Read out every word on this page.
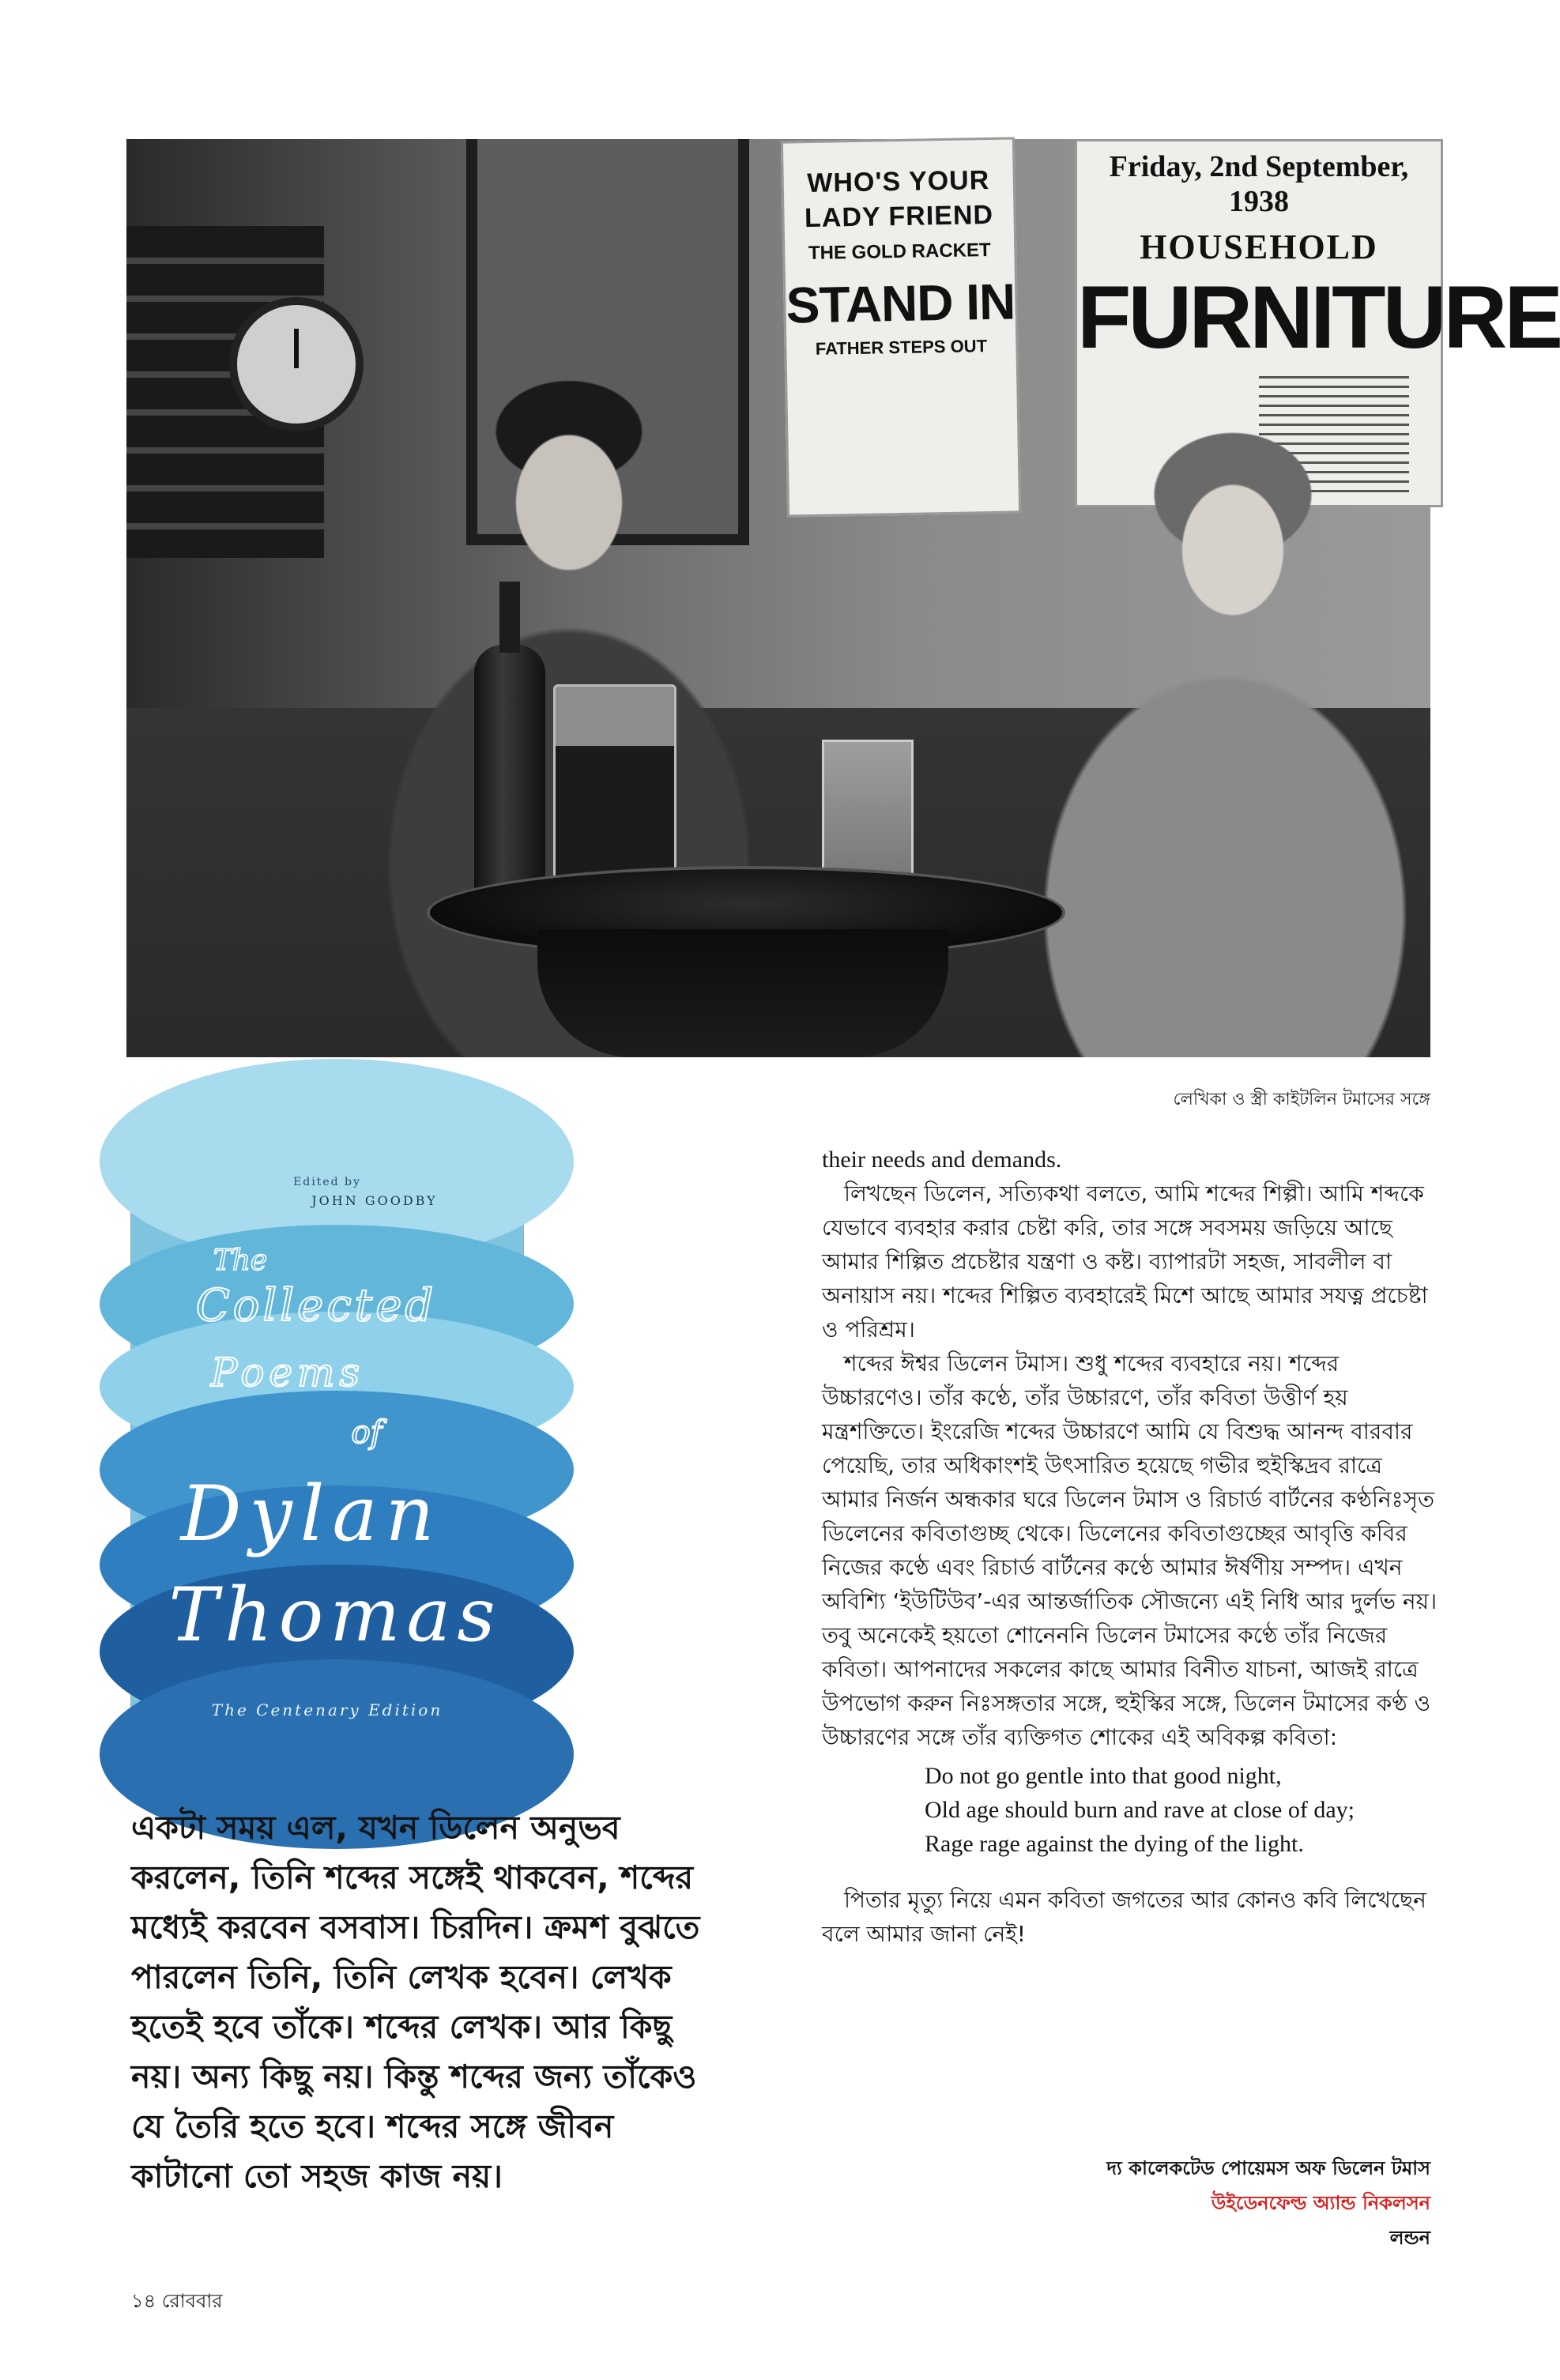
WHO'S YOUR
LADY FRIEND
THE GOLD RACKET
STAND IN
FATHER STEPS OUT
Friday, 2nd September, 1938
HOUSEHOLD
FURNITURE
লেখিকা ও স্ত্রী কাইটলিন টমাসের সঙ্গে
Edited by
JOHN GOODBY
The
Collected
Poems
of
Dylan
Thomas
The Centenary Edition
একটা সময় এল, যখন ডিলেন অনুভব করলেন, তিনি শব্দের সঙ্গেই থাকবেন, শব্দের মধ্যেই করবেন বসবাস। চিরদিন। ক্রমশ বুঝতে পারলেন তিনি, তিনি লেখক হবেন। লেখক হতেই হবে তাঁকে। শব্দের লেখক। আর কিছু নয়। অন্য কিছু নয়। কিন্তু শব্দের জন্য তাঁকেও যে তৈরি হতে হবে। শব্দের সঙ্গে জীবন কাটানো তো সহজ কাজ নয়।

their needs and demands.

লিখছেন ডিলেন, সত্যিকথা বলতে, আমি শব্দের শিল্পী। আমি শব্দকে যেভাবে ব্যবহার করার চেষ্টা করি, তার সঙ্গে সবসময় জড়িয়ে আছে আমার শিল্পিত প্রচেষ্টার যন্ত্রণা ও কষ্ট। ব্যাপারটা সহজ, সাবলীল বা অনায়াস নয়। শব্দের শিল্পিত ব্যবহারেই মিশে আছে আমার সযত্ন প্রচেষ্টা ও পরিশ্রম।

শব্দের ঈশ্বর ডিলেন টমাস। শুধু শব্দের ব্যবহারে নয়। শব্দের উচ্চারণেও। তাঁর কণ্ঠে, তাঁর উচ্চারণে, তাঁর কবিতা উত্তীর্ণ হয় মন্ত্রশক্তিতে। ইংরেজি শব্দের উচ্চারণে আমি যে বিশুদ্ধ আনন্দ বারবার পেয়েছি, তার অধিকাংশই উৎসারিত হয়েছে গভীর হুইস্কিদ্রব রাত্রে আমার নির্জন অন্ধকার ঘরে ডিলেন টমাস ও রিচার্ড বার্টনের কণ্ঠনিঃসৃত ডিলেনের কবিতাগুচ্ছ থেকে। ডিলেনের কবিতাগুচ্ছের আবৃত্তি কবির নিজের কণ্ঠে এবং রিচার্ড বার্টনের কণ্ঠে আমার ঈর্ষণীয় সম্পদ। এখন অবিশ্যি ‘ইউটিউব’-এর আন্তর্জাতিক সৌজন্যে এই নিধি আর দুর্লভ নয়। তবু অনেকেই হয়তো শোনেননি ডিলেন টমাসের কণ্ঠে তাঁর নিজের কবিতা। আপনাদের সকলের কাছে আমার বিনীত যাচনা, আজই রাত্রে উপভোগ করুন নিঃসঙ্গতার সঙ্গে, হুইস্কির সঙ্গে, ডিলেন টমাসের কণ্ঠ ও উচ্চারণের সঙ্গে তাঁর ব্যক্তিগত শোকের এই অবিকল্প কবিতা:

Do not go gentle into that good night,
Old age should burn and rave at close of day;
Rage rage against the dying of the light.

পিতার মৃত্যু নিয়ে এমন কবিতা জগতের আর কোনও কবি লিখেছেন বলে আমার জানা নেই!

দ্য কালেকটেড পোয়েমস অফ ডিলেন টমাস
উইডেনফেল্ড অ্যান্ড নিকলসন
লন্ডন
১৪ রোববার
